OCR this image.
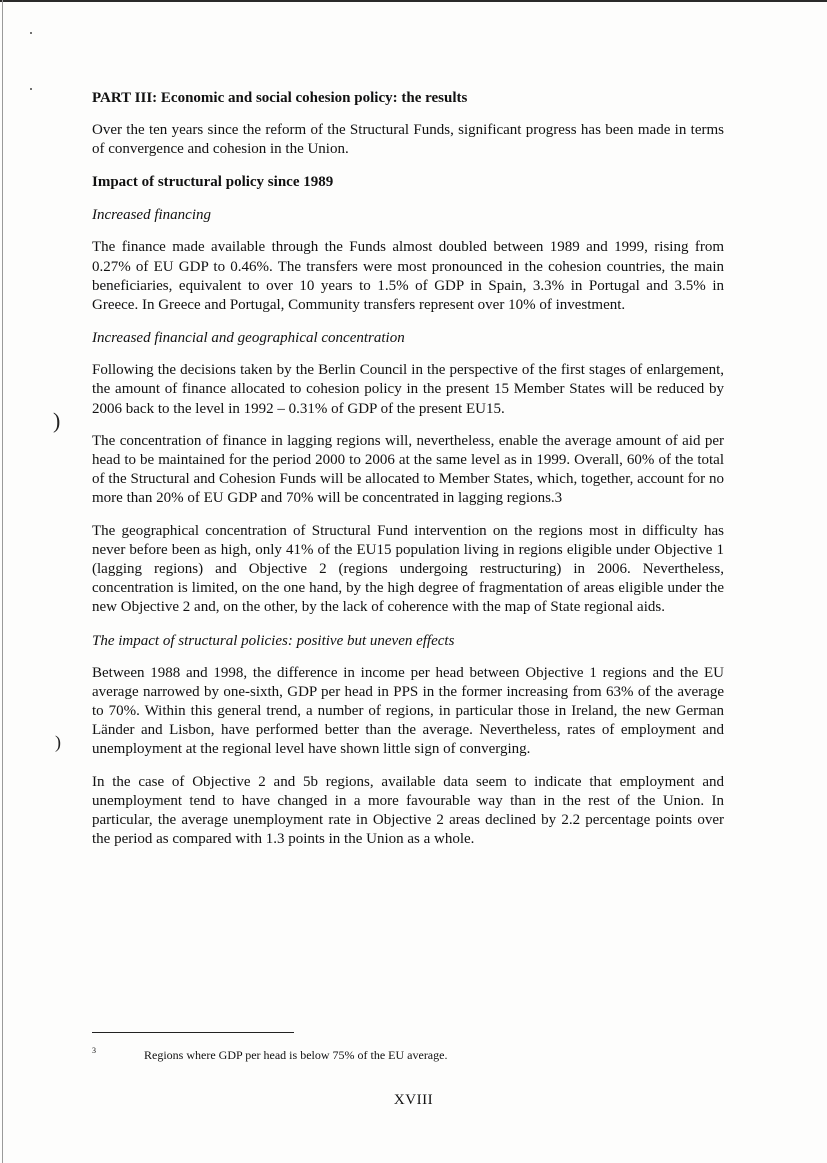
)
)
PART III: Economic and social cohesion policy: the results

Over the ten years since the reform of the Structural Funds, significant progress has been made in terms of convergence and cohesion in the Union.

Impact of structural policy since 1989
Increased financing

The finance made available through the Funds almost doubled between 1989 and 1999, rising from 0.27% of EU GDP to 0.46%. The transfers were most pronounced in the cohesion countries, the main beneficiaries, equivalent to over 10 years to 1.5% of GDP in Spain, 3.3% in Portugal and 3.5% in Greece. In Greece and Portugal, Community transfers represent over 10% of investment.

Increased financial and geographical concentration

Following the decisions taken by the Berlin Council in the perspective of the first stages of enlargement, the amount of finance allocated to cohesion policy in the present 15 Member States will be reduced by 2006 back to the level in 1992 – 0.31% of GDP of the present EU15.

The concentration of finance in lagging regions will, nevertheless, enable the average amount of aid per head to be maintained for the period 2000 to 2006 at the same level as in 1999. Overall, 60% of the total of the Structural and Cohesion Funds will be allocated to Member States, which, together, account for no more than 20% of EU GDP and 70% will be concentrated in lagging regions.3

The geographical concentration of Structural Fund intervention on the regions most in difficulty has never before been as high, only 41% of the EU15 population living in regions eligible under Objective 1 (lagging regions) and Objective 2 (regions undergoing restructuring) in 2006. Nevertheless, concentration is limited, on the one hand, by the high degree of fragmentation of areas eligible under the new Objective 2 and, on the other, by the lack of coherence with the map of State regional aids.

The impact of structural policies: positive but uneven effects

Between 1988 and 1998, the difference in income per head between Objective 1 regions and the EU average narrowed by one-sixth, GDP per head in PPS in the former increasing from 63% of the average to 70%. Within this general trend, a number of regions, in particular those in Ireland, the new German Länder and Lisbon, have performed better than the average. Nevertheless, rates of employment and unemployment at the regional level have shown little sign of converging.

In the case of Objective 2 and 5b regions, available data seem to indicate that employment and unemployment tend to have changed in a more favourable way than in the rest of the Union. In particular, the average unemployment rate in Objective 2 areas declined by 2.2 percentage points over the period as compared with 1.3 points in the Union as a whole.

3	Regions where GDP per head is below 75% of the EU average.
XVIII
